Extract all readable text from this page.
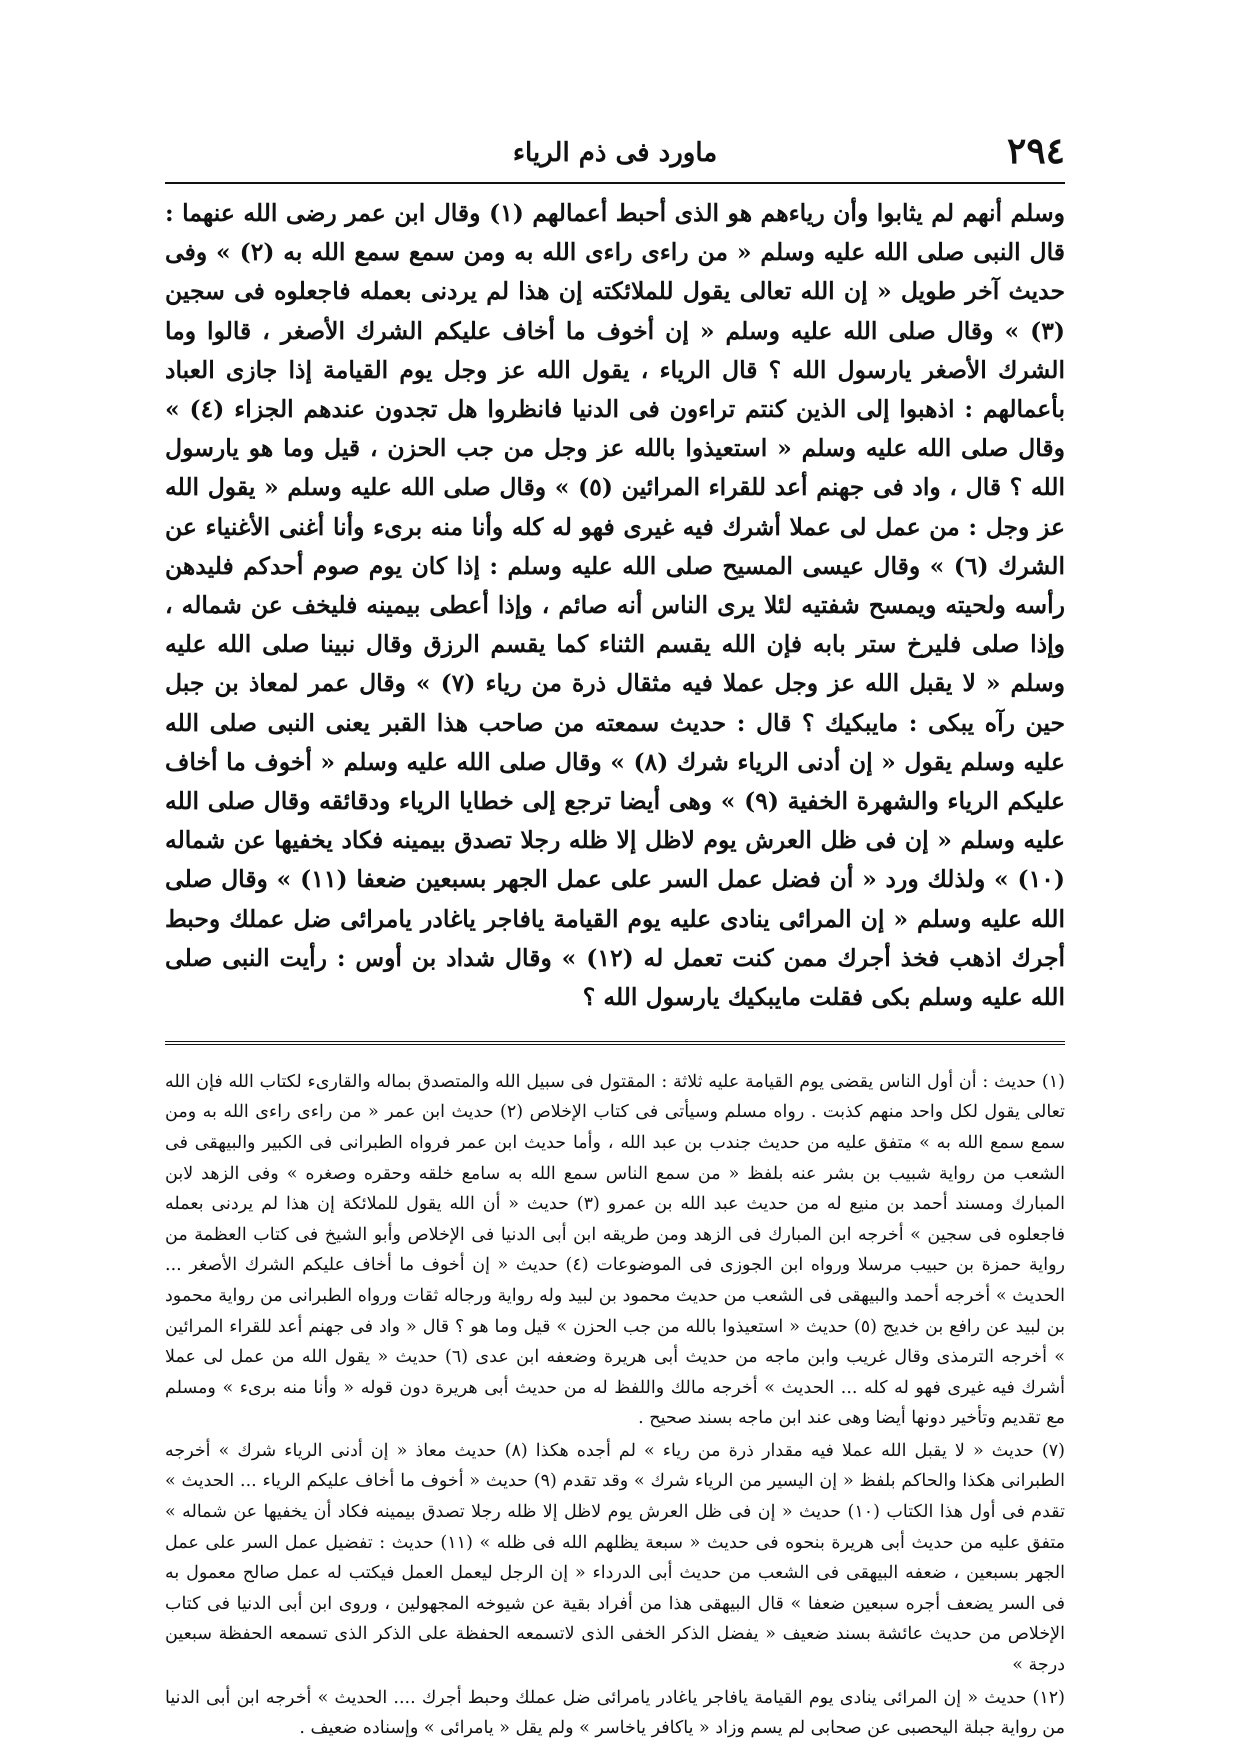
٢٩٤
ماورد فى ذم الرياء

وسلم أنهم لم يثابوا وأن رياءهم هو الذى أحبط أعمالهم (١) وقال ابن عمر رضى الله عنهما : قال النبى صلى الله عليه وسلم « من راءى راءى الله به ومن سمع سمع الله به (٢) » وفى حديث آخر طويل « إن الله تعالى يقول للملائكته إن هذا لم يردنى بعمله فاجعلوه فى سجين (٣) » وقال صلى الله عليه وسلم « إن أخوف ما أخاف عليكم الشرك الأصغر ، قالوا وما الشرك الأصغر يارسول الله ؟ قال الرياء ، يقول الله عز وجل يوم القيامة إذا جازى العباد بأعمالهم : اذهبوا إلى الذين كنتم تراءون فى الدنيا فانظروا هل تجدون عندهم الجزاء (٤) » وقال صلى الله عليه وسلم « استعيذوا بالله عز وجل من جب الحزن ، قيل وما هو يارسول الله ؟ قال ، واد فى جهنم أعد للقراء المرائين (٥) » وقال صلى الله عليه وسلم « يقول الله عز وجل : من عمل لى عملا أشرك فيه غيرى فهو له كله وأنا منه برىء وأنا أغنى الأغنياء عن الشرك (٦) » وقال عيسى المسيح صلى الله عليه وسلم : إذا كان يوم صوم أحدكم فليدهن رأسه ولحيته ويمسح شفتيه لئلا يرى الناس أنه صائم ، وإذا أعطى بيمينه فليخف عن شماله ، وإذا صلى فليرخ ستر بابه فإن الله يقسم الثناء كما يقسم الرزق وقال نبينا صلى الله عليه وسلم « لا يقبل الله عز وجل عملا فيه مثقال ذرة من رياء (٧) » وقال عمر لمعاذ بن جبل حين رآه يبكى : مايبكيك ؟ قال : حديث سمعته من صاحب هذا القبر يعنى النبى صلى الله عليه وسلم يقول « إن أدنى الرياء شرك (٨) » وقال صلى الله عليه وسلم « أخوف ما أخاف عليكم الرياء والشهرة الخفية (٩) » وهى أيضا ترجع إلى خطايا الرياء ودقائقه وقال صلى الله عليه وسلم « إن فى ظل العرش يوم لاظل إلا ظله رجلا تصدق بيمينه فكاد يخفيها عن شماله (١٠) » ولذلك ورد « أن فضل عمل السر على عمل الجهر بسبعين ضعفا (١١) » وقال صلى الله عليه وسلم « إن المرائى ينادى عليه يوم القيامة يافاجر ياغادر يامرائى ضل عملك وحبط أجرك اذهب فخذ أجرك ممن كنت تعمل له (١٢) » وقال شداد بن أوس : رأيت النبى صلى الله عليه وسلم بكى فقلت مايبكيك يارسول الله ؟

(١) حديث : أن أول الناس يقضى يوم القيامة عليه ثلاثة : المقتول فى سبيل الله والمتصدق بماله والقارىء لكتاب الله فإن الله تعالى يقول لكل واحد منهم كذبت . رواه مسلم وسيأتى فى كتاب الإخلاص (٢) حديث ابن عمر « من راءى راءى الله به ومن سمع سمع الله به » متفق عليه من حديث جندب بن عبد الله ، وأما حديث ابن عمر فرواه الطبرانى فى الكبير والبيهقى فى الشعب من رواية شبيب بن بشر عنه بلفظ « من سمع الناس سمع الله به سامع خلقه وحقره وصغره » وفى الزهد لابن المبارك ومسند أحمد بن منيع له من حديث عبد الله بن عمرو (٣) حديث « أن الله يقول للملائكة إن هذا لم يردنى بعمله فاجعلوه فى سجين » أخرجه ابن المبارك فى الزهد ومن طريقه ابن أبى الدنيا فى الإخلاص وأبو الشيخ فى كتاب العظمة من رواية حمزة بن حبيب مرسلا ورواه ابن الجوزى فى الموضوعات (٤) حديث « إن أخوف ما أخاف عليكم الشرك الأصغر ... الحديث » أخرجه أحمد والبيهقى فى الشعب من حديث محمود بن لبيد وله رواية ورجاله ثقات ورواه الطبرانى من رواية محمود بن لبيد عن رافع بن خديج (٥) حديث « استعيذوا بالله من جب الحزن » قيل وما هو ؟ قال « واد فى جهنم أعد للقراء المرائين » أخرجه الترمذى وقال غريب وابن ماجه من حديث أبى هريرة وضعفه ابن عدى (٦) حديث « يقول الله من عمل لى عملا أشرك فيه غيرى فهو له كله ... الحديث » أخرجه مالك واللفظ له من حديث أبى هريرة دون قوله « وأنا منه برىء » ومسلم مع تقديم وتأخير دونها أيضا وهى عند ابن ماجه بسند صحيح .

(٧) حديث « لا يقبل الله عملا فيه مقدار ذرة من رياء » لم أجده هكذا (٨) حديث معاذ « إن أدنى الرياء شرك » أخرجه الطبرانى هكذا والحاكم بلفظ « إن اليسير من الرياء شرك » وقد تقدم (٩) حديث « أخوف ما أخاف عليكم الرياء ... الحديث » تقدم فى أول هذا الكتاب (١٠) حديث « إن فى ظل العرش يوم لاظل إلا ظله رجلا تصدق بيمينه فكاد أن يخفيها عن شماله » متفق عليه من حديث أبى هريرة بنحوه فى حديث « سبعة يظلهم الله فى ظله » (١١) حديث : تفضيل عمل السر على عمل الجهر بسبعين ، ضعفه البيهقى فى الشعب من حديث أبى الدرداء « إن الرجل ليعمل العمل فيكتب له عمل صالح معمول به فى السر يضعف أجره سبعين ضعفا » قال البيهقى هذا من أفراد بقية عن شيوخه المجهولين ، وروى ابن أبى الدنيا فى كتاب الإخلاص من حديث عائشة بسند ضعيف « يفضل الذكر الخفى الذى لاتسمعه الحفظة على الذكر الذى تسمعه الحفظة سبعين درجة »

(١٢) حديث « إن المرائى ينادى يوم القيامة يافاجر ياغادر يامرائى ضل عملك وحبط أجرك .... الحديث » أخرجه ابن أبى الدنيا من رواية جبلة اليحصبى عن صحابى لم يسم وزاد « ياكافر ياخاسر » ولم يقل « يامرائى » وإسناده ضعيف .
